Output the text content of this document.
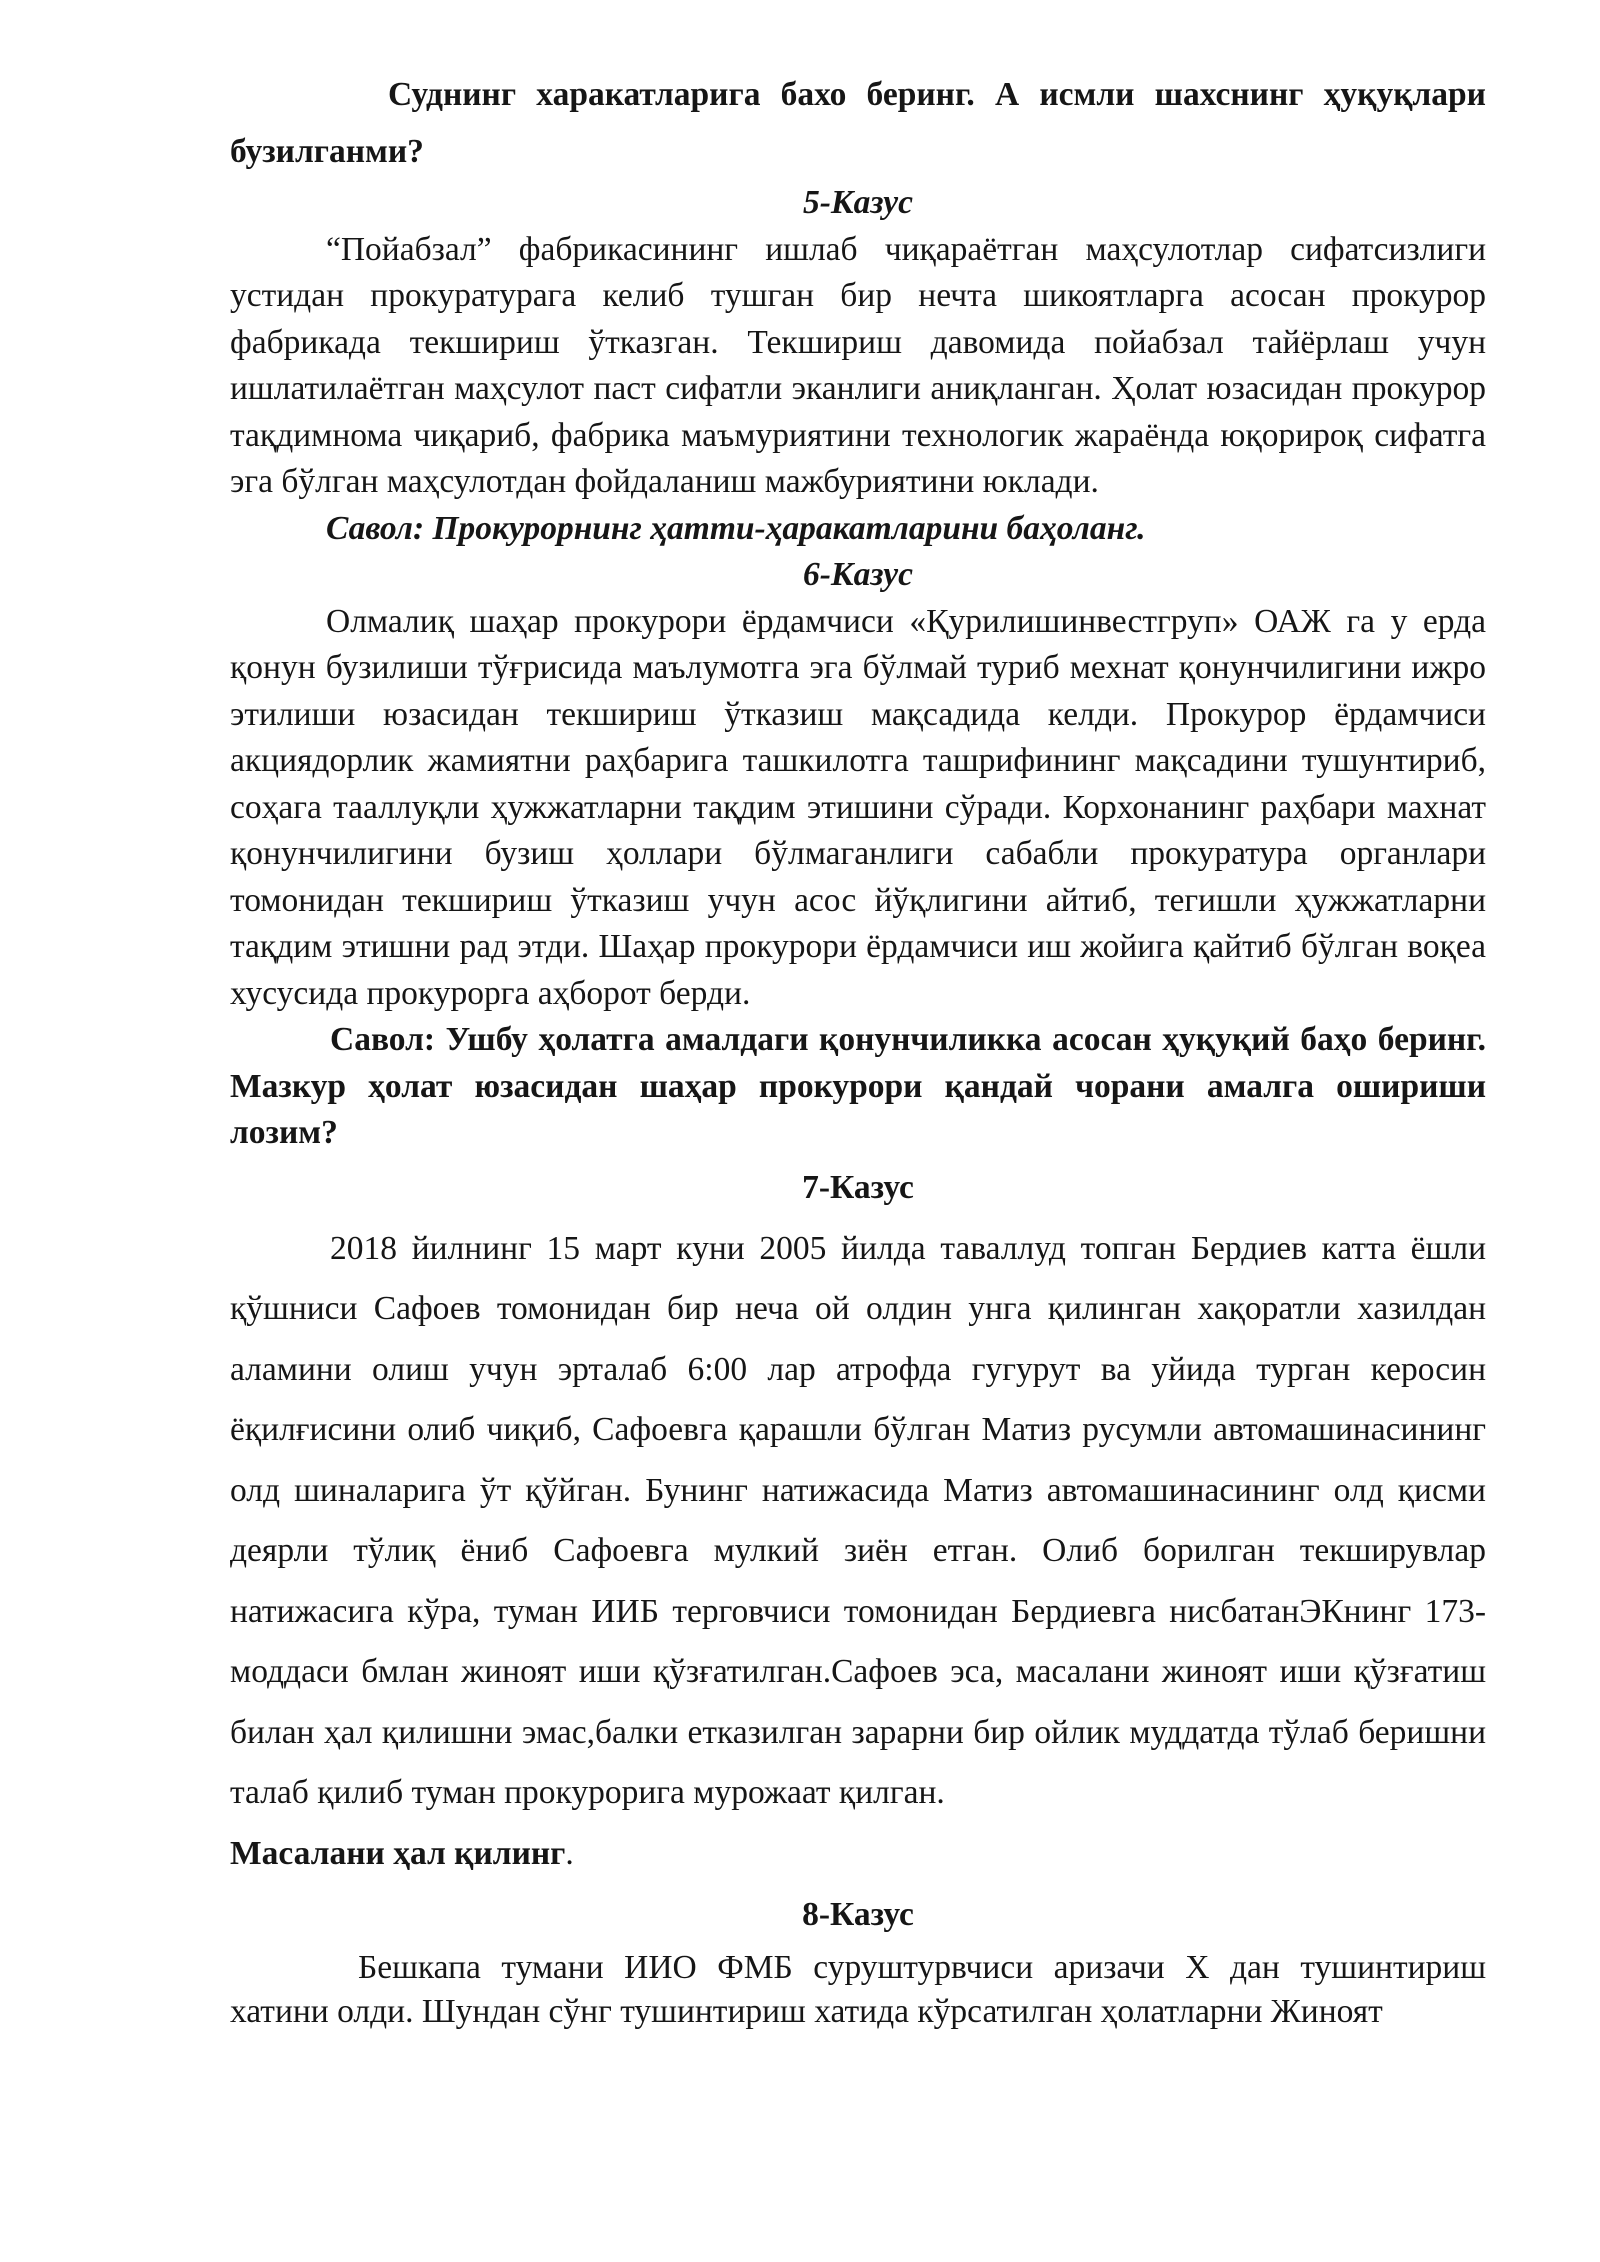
Суднинг харакатларига бахо беринг. А исмли шахснинг ҳуқуқлари бузилганми?

5-Казус

“Пойабзал” фабрикасининг ишлаб чиқараётган маҳсулотлар сифатсизлиги устидан прокуратурага келиб тушган бир нечта шикоятларга асосан прокурор фабрикада текшириш ўтказган. Текшириш давомида пойабзал тайёрлаш учун ишлатилаётган маҳсулот паст сифатли эканлиги аниқланган. Ҳолат юзасидан прокурор тақдимнома чиқариб, фабрика маъмуриятини технологик жараёнда юқорироқ сифатга эга бўлган маҳсулотдан фойдаланиш мажбуриятини юклади.

Савол: Прокурорнинг ҳатти-ҳаракатларини баҳоланг.

6-Казус

Олмалиқ шаҳар прокурори ёрдамчиси «Қурилишинвестгруп» ОАЖ га у ерда қонун бузилиши тўғрисида маълумотга эга бўлмай туриб мехнат қонунчилигини ижро этилиши юзасидан текшириш ўтказиш мақсадида келди. Прокурор ёрдамчиси акциядорлик жамиятни раҳбарига ташкилотга ташрифининг мақсадини тушунтириб, соҳага тааллуқли ҳужжатларни тақдим этишини сўради. Корхонанинг раҳбари махнат қонунчилигини бузиш ҳоллари бўлмаганлиги сабабли прокуратура органлари томонидан текшириш ўтказиш учун асос йўқлигини айтиб, тегишли ҳужжатларни тақдим этишни рад этди. Шаҳар прокурори ёрдамчиси иш жойига қайтиб бўлган воқеа хусусида прокурорга аҳборот берди.

Савол: Ушбу ҳолатга амалдаги қонунчиликка асосан ҳуқуқий баҳо беринг. Мазкур ҳолат юзасидан шаҳар прокурори қандай чорани амалга ошириши лозим?

7-Казус

2018 йилнинг 15 март куни 2005 йилда таваллуд топган Бердиев катта ёшли қўшниси Сафоев томонидан бир неча ой олдин унга қилинган хақоратли хазилдан аламини олиш учун эрталаб 6:00 лар атрофда гугурут ва уйида турган керосин ёқилғисини олиб чиқиб, Сафоевга қарашли бўлган Матиз русумли автомашинасининг олд шиналарига ўт қўйган. Бунинг натижасида Матиз автомашинасининг олд қисми деярли тўлиқ ёниб Сафоевга мулкий зиён етган. Олиб борилган текширувлар натижасига кўра, туман ИИБ терговчиси томонидан Бердиевга нисбатанЭКнинг 173- моддаси бмлан жиноят иши қўзғатилган.Сафоев эса, масалани жиноят иши қўзғатиш билан ҳал қилишни эмас,балки етказилган зарарни бир ойлик муддатда тўлаб беришни талаб қилиб туман прокурорига мурожаат қилган.

Масалани ҳал қилинг.

8-Казус

Бешкапа тумани ИИО ФМБ суруштурвчиси аризачи Х дан тушинтириш хатини олди. Шундан сўнг тушинтириш хатида кўрсатилган ҳолатларни Жиноят
